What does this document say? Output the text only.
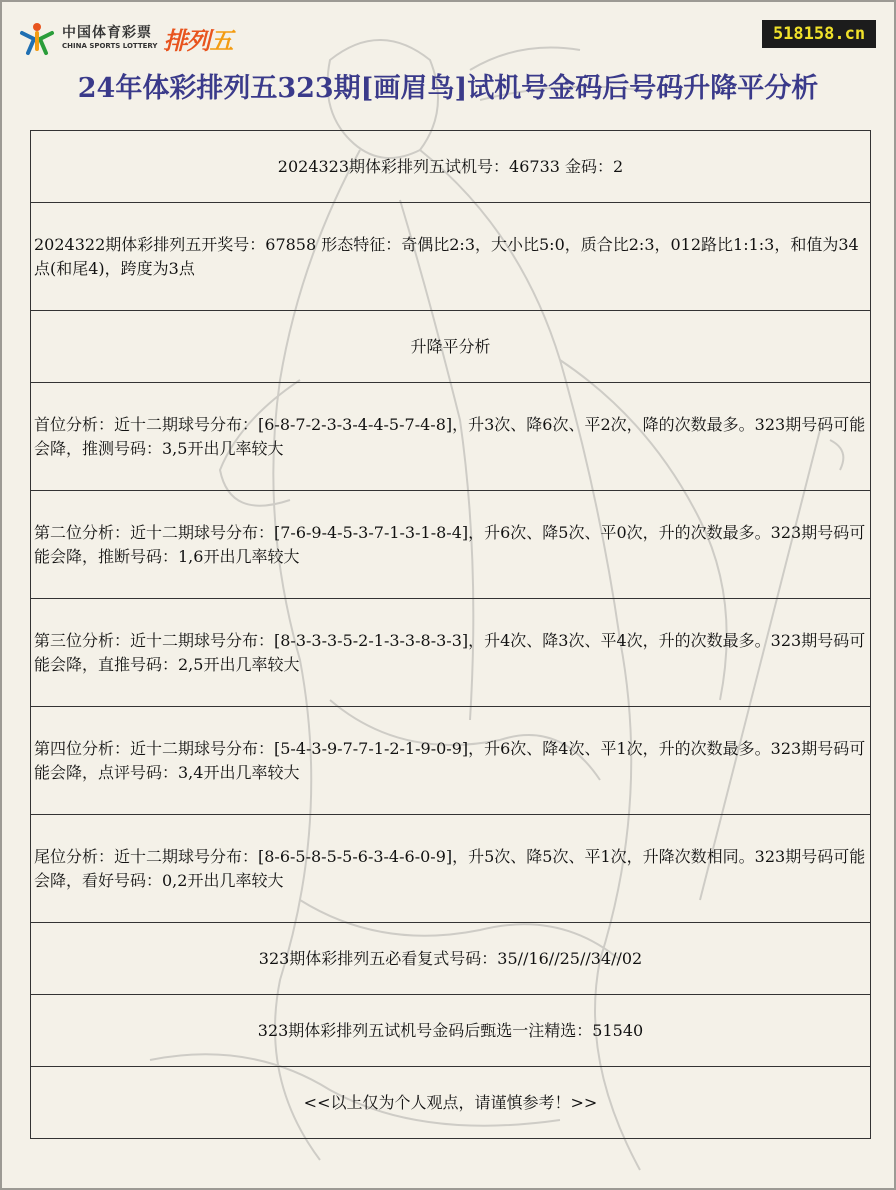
中国体育彩票
CHINA SPORTS LOTTERY 排列五	518158.cn
24年体彩排列五323期[画眉鸟]试机号金码后号码升降平分析
2024323期体彩排列五试机号：46733 金码：2
2024322期体彩排列五开奖号：67858 形态特征：奇偶比2:3，大小比5:0，质合比2:3，012路比1:1:3，和值为34点(和尾4)，跨度为3点
升降平分析
首位分析：近十二期球号分布：[6-8-7-2-3-3-4-4-5-7-4-8]，升3次、降6次、平2次，降的次数最多。323期号码可能会降，推测号码：3,5开出几率较大
第二位分析：近十二期球号分布：[7-6-9-4-5-3-7-1-3-1-8-4]，升6次、降5次、平0次，升的次数最多。323期号码可能会降，推断号码：1,6开出几率较大
第三位分析：近十二期球号分布：[8-3-3-3-5-2-1-3-3-8-3-3]，升4次、降3次、平4次，升的次数最多。323期号码可能会降，直推号码：2,5开出几率较大
第四位分析：近十二期球号分布：[5-4-3-9-7-7-1-2-1-9-0-9]，升6次、降4次、平1次，升的次数最多。323期号码可能会降，点评号码：3,4开出几率较大
尾位分析：近十二期球号分布：[8-6-5-8-5-5-6-3-4-6-0-9]，升5次、降5次、平1次，升降次数相同。323期号码可能会降，看好号码：0,2开出几率较大
323期体彩排列五必看复式号码：35//16//25//34//02
323期体彩排列五试机号金码后甄选一注精选：51540
<<以上仅为个人观点，请谨慎参考！>>
